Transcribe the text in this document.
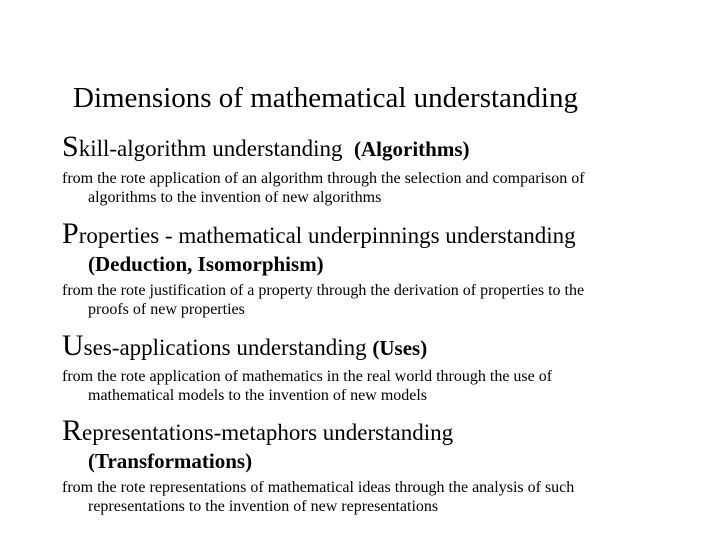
Dimensions of mathematical understanding
Skill-algorithm understanding (Algorithms)
from the rote application of an algorithm through the selection and comparison of
algorithms to the invention of new algorithms
Properties - mathematical underpinnings understanding
(Deduction, Isomorphism)
from the rote justification of a property through the derivation of properties to the
proofs of new properties
Uses-applications understanding (Uses)
from the rote application of mathematics in the real world through the use of
mathematical models to the invention of new models
Representations-metaphors understanding
(Transformations)
from the rote representations of mathematical ideas through the analysis of such
representations to the invention of new representations
